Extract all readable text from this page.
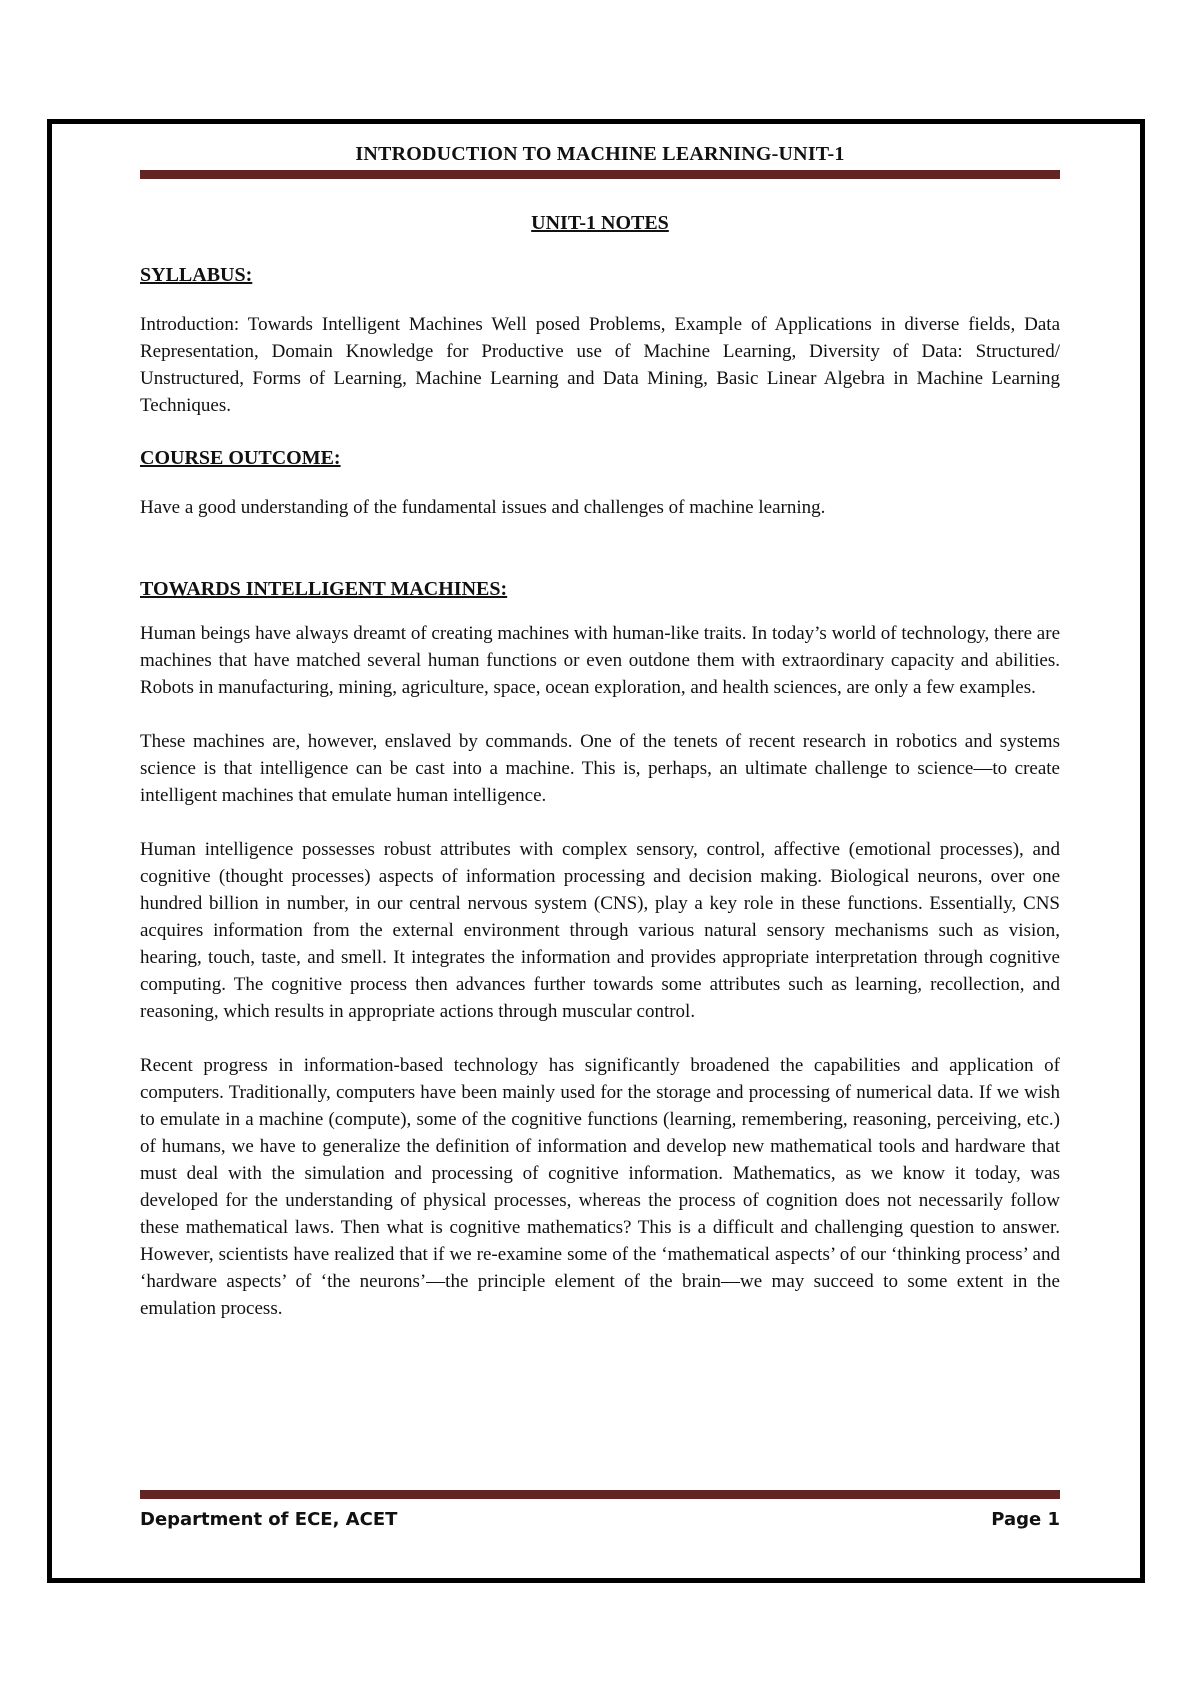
INTRODUCTION TO MACHINE LEARNING-UNIT-1
UNIT-1 NOTES
SYLLABUS:

Introduction: Towards Intelligent Machines Well posed Problems, Example of Applications in diverse fields, Data Representation, Domain Knowledge for Productive use of Machine Learning, Diversity of Data: Structured/ Unstructured, Forms of Learning, Machine Learning and Data Mining, Basic Linear Algebra in Machine Learning Techniques.

COURSE OUTCOME:

Have a good understanding of the fundamental issues and challenges of machine learning.

TOWARDS INTELLIGENT MACHINES:

Human beings have always dreamt of creating machines with human-like traits. In today’s world of technology, there are machines that have matched several human functions or even outdone them with extraordinary capacity and abilities. Robots in manufacturing, mining, agriculture, space, ocean exploration, and health sciences, are only a few examples.

These machines are, however, enslaved by commands. One of the tenets of recent research in robotics and systems science is that intelligence can be cast into a machine. This is, perhaps, an ultimate challenge to science—to create intelligent machines that emulate human intelligence.

Human intelligence possesses robust attributes with complex sensory, control, affective (emotional processes), and cognitive (thought processes) aspects of information processing and decision making. Biological neurons, over one hundred billion in number, in our central nervous system (CNS), play a key role in these functions. Essentially, CNS acquires information from the external environment through various natural sensory mechanisms such as vision, hearing, touch, taste, and smell. It integrates the information and provides appropriate interpretation through cognitive computing. The cognitive process then advances further towards some attributes such as learning, recollection, and reasoning, which results in appropriate actions through muscular control.

Recent progress in information-based technology has significantly broadened the capabilities and application of computers. Traditionally, computers have been mainly used for the storage and processing of numerical data. If we wish to emulate in a machine (compute), some of the cognitive functions (learning, remembering, reasoning, perceiving, etc.) of humans, we have to generalize the definition of information and develop new mathematical tools and hardware that must deal with the simulation and processing of cognitive information. Mathematics, as we know it today, was developed for the understanding of physical processes, whereas the process of cognition does not necessarily follow these mathematical laws. Then what is cognitive mathematics? This is a difficult and challenging question to answer. However, scientists have realized that if we re-examine some of the ‘mathematical aspects’ of our ‘thinking process’ and ‘hardware aspects’ of ‘the neurons’—the principle element of the brain—we may succeed to some extent in the emulation process.

Department of ECE, ACET	Page 1
